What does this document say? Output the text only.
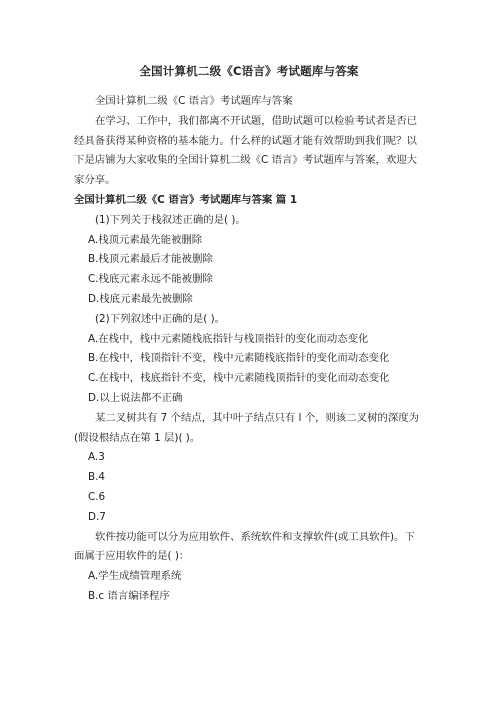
全国计算机二级《C语言》考试题库与答案

全国计算机二级《C 语言》考试题库与答案

在学习、工作中，我们都离不开试题，借助试题可以检验考试者是否已经具备获得某种资格的基本能力。什么样的试题才能有效帮助到我们呢？以下是店铺为大家收集的全国计算机二级《C 语言》考试题库与答案，欢迎大家分享。

全国计算机二级《C 语言》考试题库与答案 篇 1

(1)下列关于栈叙述正确的是( )。

A.栈顶元素最先能被删除

B.栈顶元素最后才能被删除

C.栈底元素永远不能被删除

D.栈底元素最先被删除

(2)下列叙述中正确的是( )。

A.在栈中，栈中元素随栈底指针与栈顶指针的变化而动态变化

B.在栈中，栈顶指针不变，栈中元素随栈底指针的变化而动态变化

C.在栈中，栈底指针不变，栈中元素随栈顶指针的变化而动态变化

D.以上说法都不正确

某二叉树共有 7 个结点，其中叶子结点只有 l 个，则该二叉树的深度为(假设根结点在第 1 层)( )。

A.3

B.4

C.6

D.7

软件按功能可以分为应用软件、系统软件和支撑软件(或工具软件)。下面属于应用软件的是( )：

A.学生成绩管理系统

B.c 语言编译程序
